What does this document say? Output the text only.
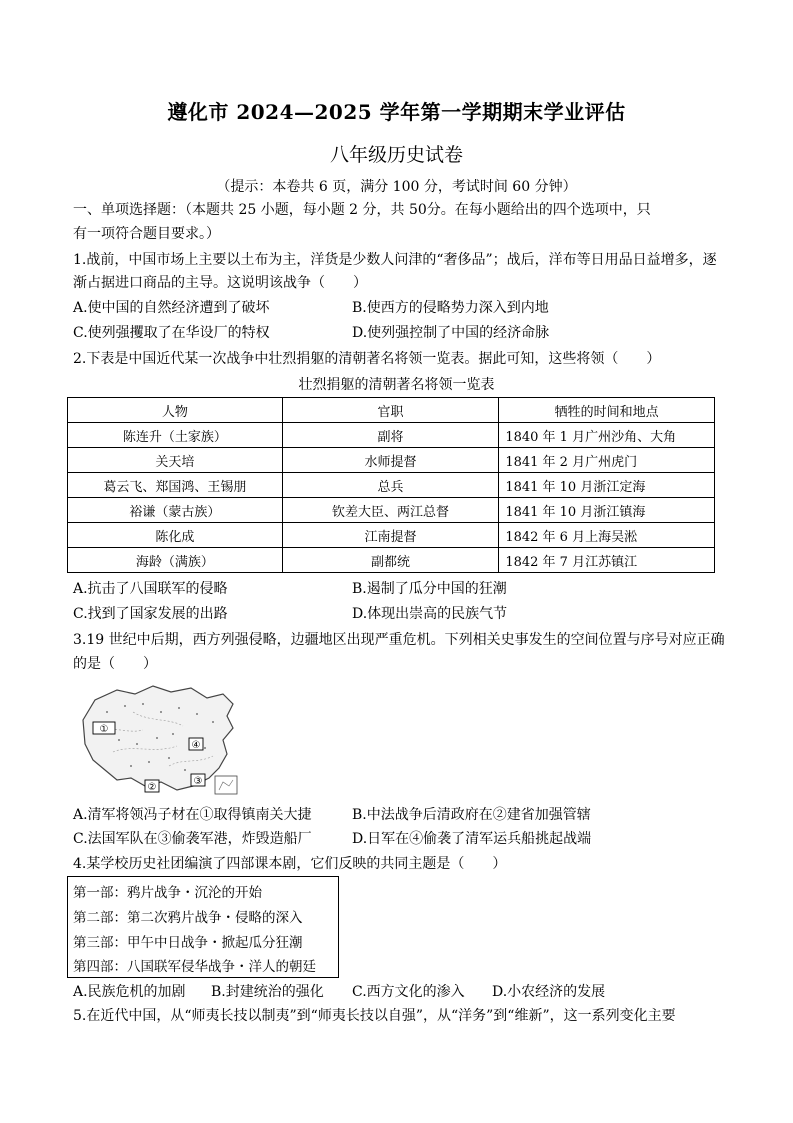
遵化市 2024—2025 学年第一学期期末学业评估
八年级历史试卷
（提示：本卷共 6 页，满分 100 分，考试时间 60 分钟）
一、单项选择题：（本题共 25 小题，每小题 2 分，共 50分。在每小题给出的四个选项中，只
有一项符合题目要求。）
1.战前，中国市场上主要以土布为主，洋货是少数人问津的“奢侈品”；战后，洋布等日用品日益增多，逐
渐占据进口商品的主导。这说明该战争（　　）
A.使中国的自然经济遭到了破坏	B.使西方的侵略势力深入到内地
C.使列强攫取了在华设厂的特权	D.使列强控制了中国的经济命脉
2.下表是中国近代某一次战争中壮烈捐躯的清朝著名将领一览表。据此可知，这些将领（　　）
壮烈捐躯的清朝著名将领一览表
人物	官职	牺牲的时间和地点
陈连升（土家族）	副将	1840 年 1 月广州沙角、大角
关天培	水师提督	1841 年 2 月广州虎门
葛云飞、郑国鸿、王锡朋	总兵	1841 年 10 月浙江定海
裕谦（蒙古族）	钦差大臣、两江总督	1841 年 10 月浙江镇海
陈化成	江南提督	1842 年 6 月上海吴淞
海龄（满族）	副都统	1842 年 7 月江苏镇江
A.抗击了八国联军的侵略	B.遏制了瓜分中国的狂潮
C.找到了国家发展的出路	D.体现出崇高的民族气节
3.19 世纪中后期，西方列强侵略，边疆地区出现严重危机。下列相关史事发生的空间位置与序号对应正确
的是（　　）
①
②
③
④
A.清军将领冯子材在①取得镇南关大捷	B.中法战争后清政府在②建省加强管辖
C.法国军队在③偷袭军港，炸毁造船厂	D.日军在④偷袭了清军运兵船挑起战端
4.某学校历史社团编演了四部课本剧，它们反映的共同主题是（　　）
第一部：鸦片战争・沉沦的开始
第二部：第二次鸦片战争・侵略的深入
第三部：甲午中日战争・掀起瓜分狂潮
第四部：八国联军侵华战争・洋人的朝廷
A.民族危机的加剧 B.封建统治的强化 C.西方文化的渗入 D.小农经济的发展
5.在近代中国，从“师夷长技以制夷”到“师夷长技以自强”，从“洋务”到“维新”，这一系列变化主要
